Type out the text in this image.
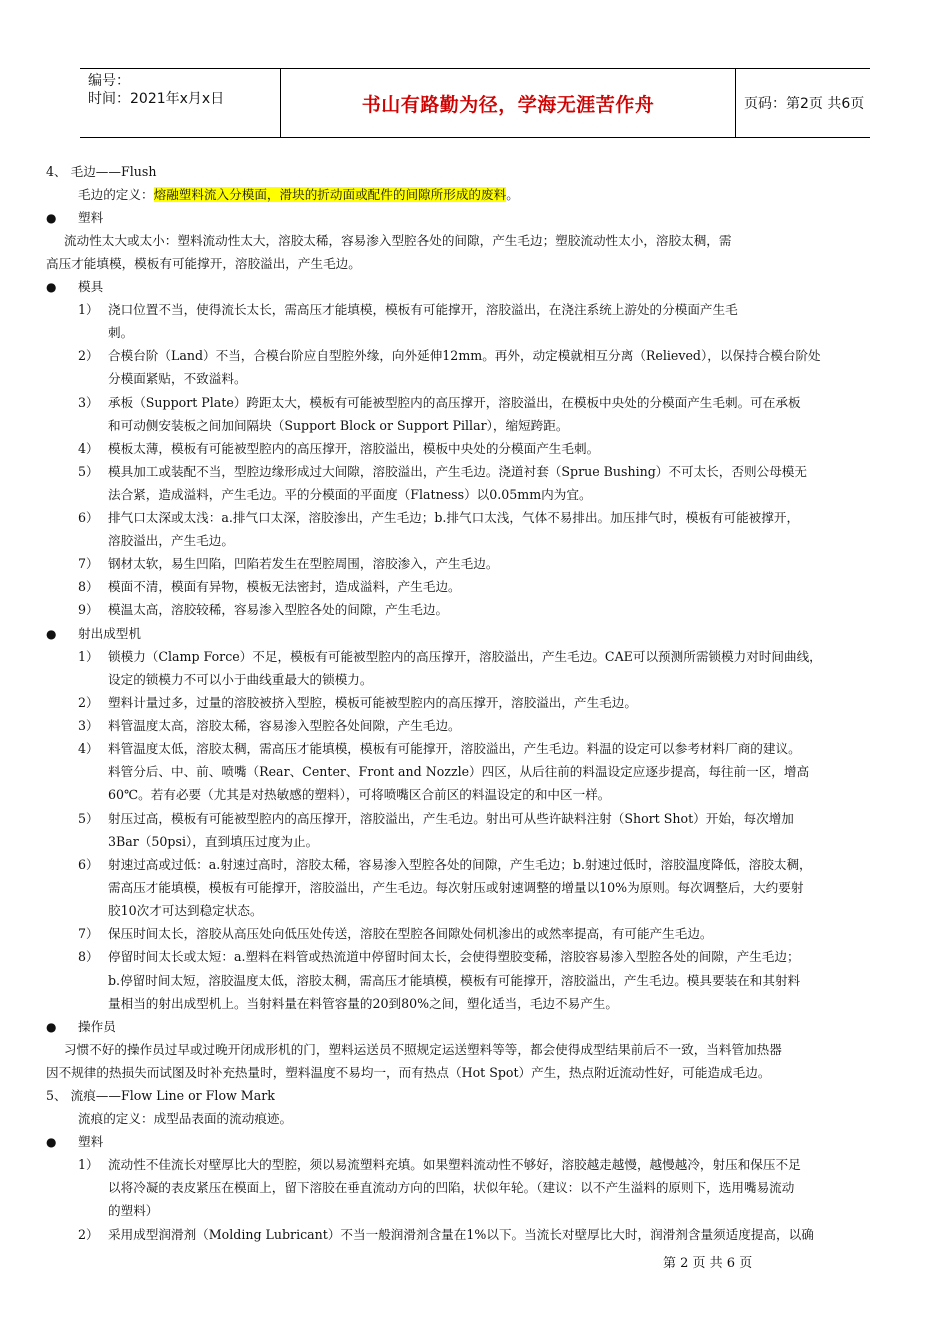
编号：
时间：2021年x月x日	书山有路勤为径，学海无涯苦作舟	页码：第2页 共6页
4、 毛边——Flush
毛边的定义：熔融塑料流入分模面，滑块的折动面或配件的间隙所形成的废料。
● 塑料
流动性太大或太小：塑料流动性太大，溶胶太稀，容易渗入型腔各处的间隙，产生毛边；塑胶流动性太小，溶胶太稠，需
高压才能填模，模板有可能撑开，溶胶溢出，产生毛边。
● 模具
1） 浇口位置不当，使得流长太长，需高压才能填模，模板有可能撑开，溶胶溢出，在浇注系统上游处的分模面产生毛
刺。
2） 合模台阶（Land）不当，合模台阶应自型腔外缘，向外延伸12mm。再外，动定模就相互分离（Relieved），以保持合模台阶处
分模面紧贴，不致溢料。
3） 承板（Support Plate）跨距太大，模板有可能被型腔内的高压撑开，溶胶溢出，在模板中央处的分模面产生毛刺。可在承板
和可动侧安装板之间加间隔块（Support Block or Support Pillar），缩短跨距。
4） 模板太薄，模板有可能被型腔内的高压撑开，溶胶溢出，模板中央处的分模面产生毛刺。
5） 模具加工或装配不当，型腔边缘形成过大间隙，溶胶溢出，产生毛边。浇道衬套（Sprue Bushing）不可太长，否则公母模无
法合紧，造成溢料，产生毛边。平的分模面的平面度（Flatness）以0.05mm内为宜。
6） 排气口太深或太浅：a.排气口太深，溶胶渗出，产生毛边；b.排气口太浅，气体不易排出。加压排气时，模板有可能被撑开，
溶胶溢出，产生毛边。
7） 钢材太软，易生凹陷，凹陷若发生在型腔周围，溶胶渗入，产生毛边。
8） 模面不清，模面有异物，模板无法密封，造成溢料，产生毛边。
9） 模温太高，溶胶较稀，容易渗入型腔各处的间隙，产生毛边。
● 射出成型机
1） 锁模力（Clamp Force）不足，模板有可能被型腔内的高压撑开，溶胶溢出，产生毛边。CAE可以预测所需锁模力对时间曲线，
设定的锁模力不可以小于曲线重最大的锁模力。
2） 塑料计量过多，过量的溶胶被挤入型腔，模板可能被型腔内的高压撑开，溶胶溢出，产生毛边。
3） 料管温度太高，溶胶太稀，容易渗入型腔各处间隙，产生毛边。
4） 料管温度太低，溶胶太稠，需高压才能填模，模板有可能撑开，溶胶溢出，产生毛边。料温的设定可以参考材料厂商的建议。
料管分后、中、前、喷嘴（Rear、Center、Front and Nozzle）四区，从后往前的料温设定应逐步提高，每往前一区，增高
60℃。若有必要（尤其是对热敏感的塑料），可将喷嘴区合前区的料温设定的和中区一样。
5） 射压过高，模板有可能被型腔内的高压撑开，溶胶溢出，产生毛边。射出可从些许缺料注射（Short Shot）开始，每次增加
3Bar（50psi），直到填压过度为止。
6） 射速过高或过低：a.射速过高时，溶胶太稀，容易渗入型腔各处的间隙，产生毛边；b.射速过低时，溶胶温度降低，溶胶太稠，
需高压才能填模，模板有可能撑开，溶胶溢出，产生毛边。每次射压或射速调整的增量以10%为原则。每次调整后，大约要射
胶10次才可达到稳定状态。
7） 保压时间太长，溶胶从高压处向低压处传送，溶胶在型腔各间隙处伺机渗出的或然率提高，有可能产生毛边。
8） 停留时间太长或太短：a.塑料在料管或热流道中停留时间太长，会使得塑胶变稀，溶胶容易渗入型腔各处的间隙，产生毛边；
b.停留时间太短，溶胶温度太低，溶胶太稠，需高压才能填模，模板有可能撑开，溶胶溢出，产生毛边。模具要装在和其射料
量相当的射出成型机上。当射料量在料管容量的20到80%之间，塑化适当，毛边不易产生。
● 操作员
习惯不好的操作员过早或过晚开闭成形机的门，塑料运送员不照规定运送塑料等等，都会使得成型结果前后不一致，当料管加热器
因不规律的热损失而试图及时补充热量时，塑料温度不易均一，而有热点（Hot Spot）产生，热点附近流动性好，可能造成毛边。
5、 流痕——Flow Line or Flow Mark
流痕的定义：成型品表面的流动痕迹。
● 塑料
1） 流动性不佳流长对壁厚比大的型腔，须以易流塑料充填。如果塑料流动性不够好，溶胶越走越慢，越慢越冷，射压和保压不足
以将冷凝的表皮紧压在模面上，留下溶胶在垂直流动方向的凹陷，状似年轮。（建议：以不产生溢料的原则下，选用嘴易流动
的塑料）
2） 采用成型润滑剂（Molding Lubricant）不当一般润滑剂含量在1%以下。当流长对壁厚比大时，润滑剂含量须适度提高，以确
第 2 页 共 6 页
